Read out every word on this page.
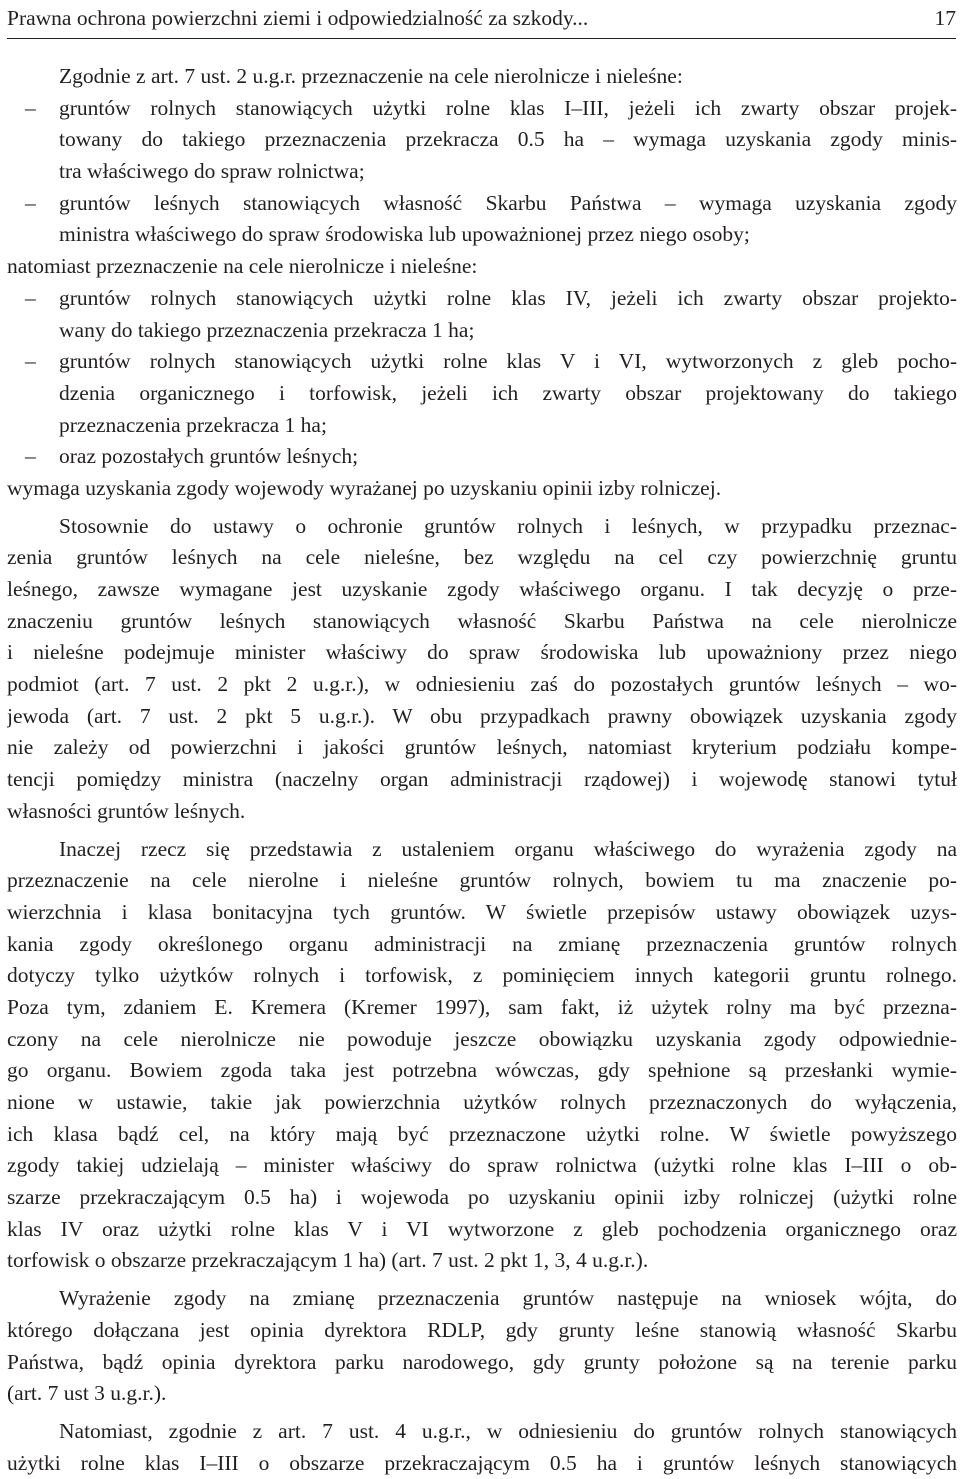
Prawna ochrona powierzchni ziemi i odpowiedzialność za szkody...	17
Zgodnie z art. 7 ust. 2 u.g.r. przeznaczenie na cele nierolnicze i nieleśne:
– gruntów rolnych stanowiących użytki rolne klas I–III, jeżeli ich zwarty obszar projek-
towany do takiego przeznaczenia przekracza 0.5 ha – wymaga uzyskania zgody minis-
tra właściwego do spraw rolnictwa;
– gruntów leśnych stanowiących własność Skarbu Państwa – wymaga uzyskania zgody
ministra właściwego do spraw środowiska lub upoważnionej przez niego osoby;
natomiast przeznaczenie na cele nierolnicze i nieleśne:
– gruntów rolnych stanowiących użytki rolne klas IV, jeżeli ich zwarty obszar projekto-
wany do takiego przeznaczenia przekracza 1 ha;
– gruntów rolnych stanowiących użytki rolne klas V i VI, wytworzonych z gleb pocho-
dzenia organicznego i torfowisk, jeżeli ich zwarty obszar projektowany do takiego
przeznaczenia przekracza 1 ha;
– oraz pozostałych gruntów leśnych;
wymaga uzyskania zgody wojewody wyrażanej po uzyskaniu opinii izby rolniczej.
Stosownie do ustawy o ochronie gruntów rolnych i leśnych, w przypadku przeznac-
zenia gruntów leśnych na cele nieleśne, bez względu na cel czy powierzchnię gruntu
leśnego, zawsze wymagane jest uzyskanie zgody właściwego organu. I tak decyzję o prze-
znaczeniu gruntów leśnych stanowiących własność Skarbu Państwa na cele nierolnicze
i nieleśne podejmuje minister właściwy do spraw środowiska lub upoważniony przez niego
podmiot (art. 7 ust. 2 pkt 2 u.g.r.), w odniesieniu zaś do pozostałych gruntów leśnych – wo-
jewoda (art. 7 ust. 2 pkt 5 u.g.r.). W obu przypadkach prawny obowiązek uzyskania zgody
nie zależy od powierzchni i jakości gruntów leśnych, natomiast kryterium podziału kompe-
tencji pomiędzy ministra (naczelny organ administracji rządowej) i wojewodę stanowi tytuł
własności gruntów leśnych.
Inaczej rzecz się przedstawia z ustaleniem organu właściwego do wyrażenia zgody na
przeznaczenie na cele nierolne i nieleśne gruntów rolnych, bowiem tu ma znaczenie po-
wierzchnia i klasa bonitacyjna tych gruntów. W świetle przepisów ustawy obowiązek uzys-
kania zgody określonego organu administracji na zmianę przeznaczenia gruntów rolnych
dotyczy tylko użytków rolnych i torfowisk, z pominięciem innych kategorii gruntu rolnego.
Poza tym, zdaniem E. Kremera (Kremer 1997), sam fakt, iż użytek rolny ma być przezna-
czony na cele nierolnicze nie powoduje jeszcze obowiązku uzyskania zgody odpowiednie-
go organu. Bowiem zgoda taka jest potrzebna wówczas, gdy spełnione są przesłanki wymie-
nione w ustawie, takie jak powierzchnia użytków rolnych przeznaczonych do wyłączenia,
ich klasa bądź cel, na który mają być przeznaczone użytki rolne. W świetle powyższego
zgody takiej udzielają – minister właściwy do spraw rolnictwa (użytki rolne klas I–III o ob-
szarze przekraczającym 0.5 ha) i wojewoda po uzyskaniu opinii izby rolniczej (użytki rolne
klas IV oraz użytki rolne klas V i VI wytworzone z gleb pochodzenia organicznego oraz
torfowisk o obszarze przekraczającym 1 ha) (art. 7 ust. 2 pkt 1, 3, 4 u.g.r.).
Wyrażenie zgody na zmianę przeznaczenia gruntów następuje na wniosek wójta, do
którego dołączana jest opinia dyrektora RDLP, gdy grunty leśne stanowią własność Skarbu
Państwa, bądź opinia dyrektora parku narodowego, gdy grunty położone są na terenie parku
(art. 7 ust 3 u.g.r.).
Natomiast, zgodnie z art. 7 ust. 4 u.g.r., w odniesieniu do gruntów rolnych stanowiących
użytki rolne klas I–III o obszarze przekraczającym 0.5 ha i gruntów leśnych stanowiących
